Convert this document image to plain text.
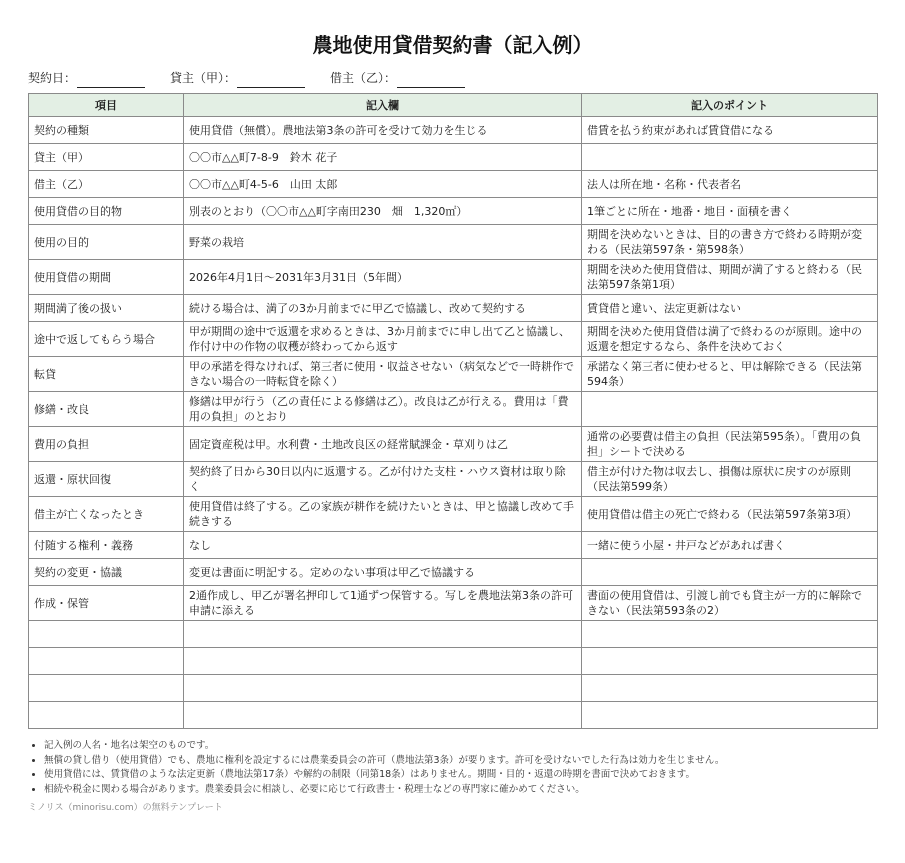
農地使用貸借契約書（記入例）
契約日：	貸主（甲）：	借主（乙）：
項目	記入欄	記入のポイント
契約の種類	使用貸借（無償）。農地法第3条の許可を受けて効力を生じる	借賃を払う約束があれば賃貸借になる
貸主（甲）	〇〇市△△町7-8-9　鈴木 花子	
借主（乙）	〇〇市△△町4-5-6　山田 太郎	法人は所在地・名称・代表者名
使用貸借の目的物	別表のとおり（〇〇市△△町字南田230　畑　1,320㎡）	1筆ごとに所在・地番・地目・面積を書く
使用の目的	野菜の栽培	期間を決めないときは、目的の書き方で終わる時期が変わる（民法第597条・第598条）
使用貸借の期間	2026年4月1日〜2031年3月31日（5年間）	期間を決めた使用貸借は、期間が満了すると終わる（民法第597条第1項）
期間満了後の扱い	続ける場合は、満了の3か月前までに甲乙で協議し、改めて契約する	賃貸借と違い、法定更新はない
途中で返してもらう場合	甲が期間の途中で返還を求めるときは、3か月前までに申し出て乙と協議し、作付け中の作物の収穫が終わってから返す	期間を決めた使用貸借は満了で終わるのが原則。途中の返還を想定するなら、条件を決めておく
転貸	甲の承諾を得なければ、第三者に使用・収益させない（病気などで一時耕作できない場合の一時転貸を除く）	承諾なく第三者に使わせると、甲は解除できる（民法第594条）
修繕・改良	修繕は甲が行う（乙の責任による修繕は乙）。改良は乙が行える。費用は「費用の負担」のとおり	
費用の負担	固定資産税は甲。水利費・土地改良区の経常賦課金・草刈りは乙	通常の必要費は借主の負担（民法第595条）。「費用の負担」シートで決める
返還・原状回復	契約終了日から30日以内に返還する。乙が付けた支柱・ハウス資材は取り除く	借主が付けた物は収去し、損傷は原状に戻すのが原則（民法第599条）
借主が亡くなったとき	使用貸借は終了する。乙の家族が耕作を続けたいときは、甲と協議し改めて手続きする	使用貸借は借主の死亡で終わる（民法第597条第3項）
付随する権利・義務	なし	一緒に使う小屋・井戸などがあれば書く
契約の変更・協議	変更は書面に明記する。定めのない事項は甲乙で協議する	
作成・保管	2通作成し、甲乙が署名押印して1通ずつ保管する。写しを農地法第3条の許可申請に添える	書面の使用貸借は、引渡し前でも貸主が一方的に解除できない（民法第593条の2）

• 記入例の人名・地名は架空のものです。
• 無償の貸し借り（使用貸借）でも、農地に権利を設定するには農業委員会の許可（農地法第3条）が要ります。許可を受けないでした行為は効力を生じません。
• 使用貸借には、賃貸借のような法定更新（農地法第17条）や解約の制限（同第18条）はありません。期間・目的・返還の時期を書面で決めておきます。
• 相続や税金に関わる場合があります。農業委員会に相談し、必要に応じて行政書士・税理士などの専門家に確かめてください。
ミノリス（minorisu.com）の無料テンプレート
